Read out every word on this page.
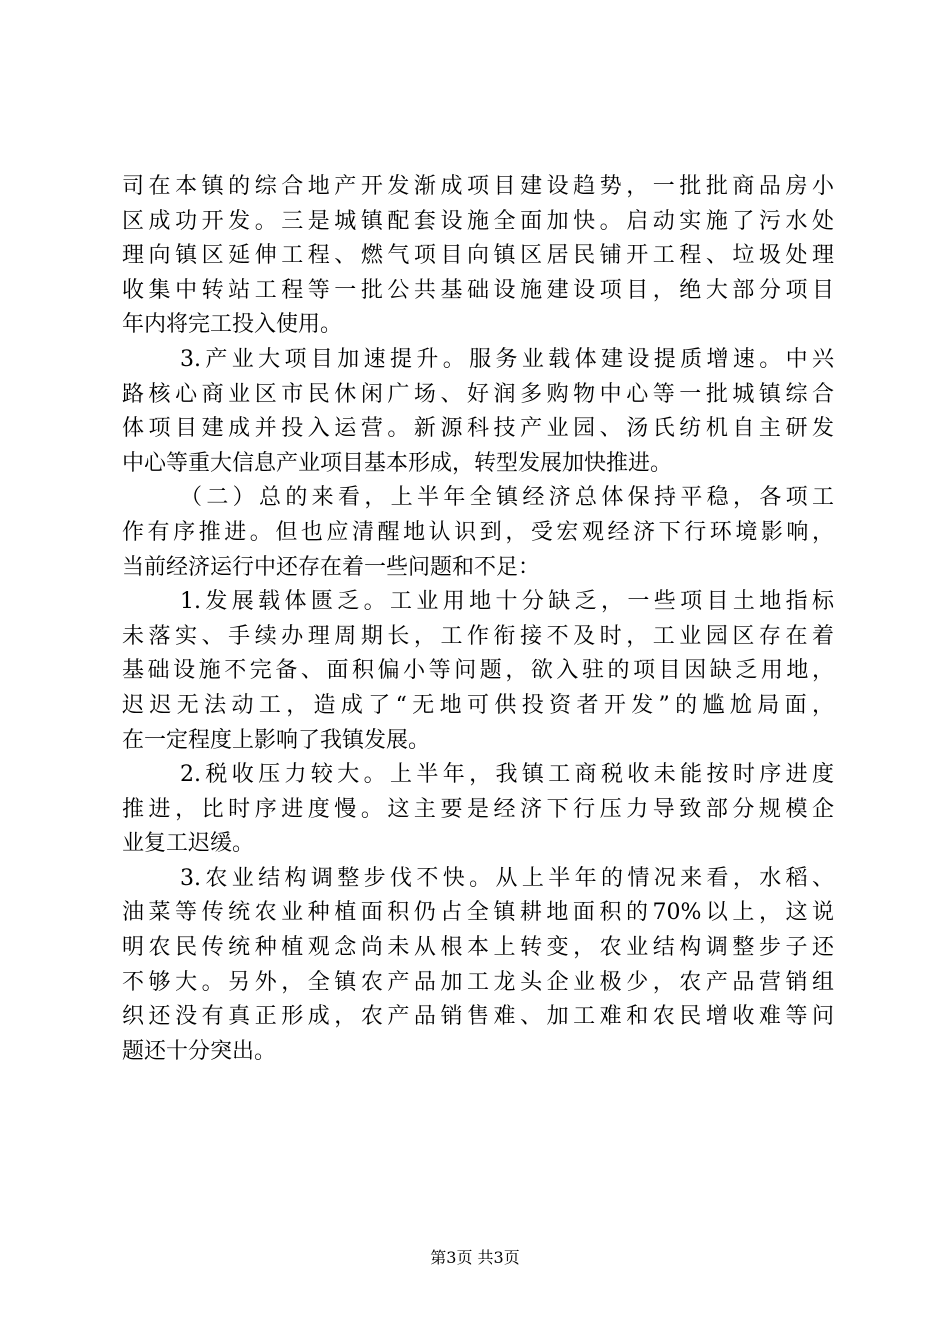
司在本镇的综合地产开发渐成项目建设趋势，一批批商品房小
区成功开发。三是城镇配套设施全面加快。启动实施了污水处
理向镇区延伸工程、燃气项目向镇区居民铺开工程、垃圾处理
收集中转站工程等一批公共基础设施建设项目，绝大部分项目
年内将完工投入使用。
3.产业大项目加速提升。服务业载体建设提质增速。中兴
路核心商业区市民休闲广场、好润多购物中心等一批城镇综合
体项目建成并投入运营。新源科技产业园、汤氏纺机自主研发
中心等重大信息产业项目基本形成，转型发展加快推进。
（二）总的来看，上半年全镇经济总体保持平稳，各项工
作有序推进。但也应清醒地认识到，受宏观经济下行环境影响，
当前经济运行中还存在着一些问题和不足：
1.发展载体匮乏。工业用地十分缺乏，一些项目土地指标
未落实、手续办理周期长，工作衔接不及时，工业园区存在着
基础设施不完备、面积偏小等问题，欲入驻的项目因缺乏用地，
迟迟无法动工，造成了“无地可供投资者开发”的尴尬局面，
在一定程度上影响了我镇发展。
2.税收压力较大。上半年，我镇工商税收未能按时序进度
推进，比时序进度慢。这主要是经济下行压力导致部分规模企
业复工迟缓。
3.农业结构调整步伐不快。从上半年的情况来看，水稻、
油菜等传统农业种植面积仍占全镇耕地面积的70%以上，这说
明农民传统种植观念尚未从根本上转变，农业结构调整步子还
不够大。另外，全镇农产品加工龙头企业极少，农产品营销组
织还没有真正形成，农产品销售难、加工难和农民增收难等问
题还十分突出。
第3页 共3页
